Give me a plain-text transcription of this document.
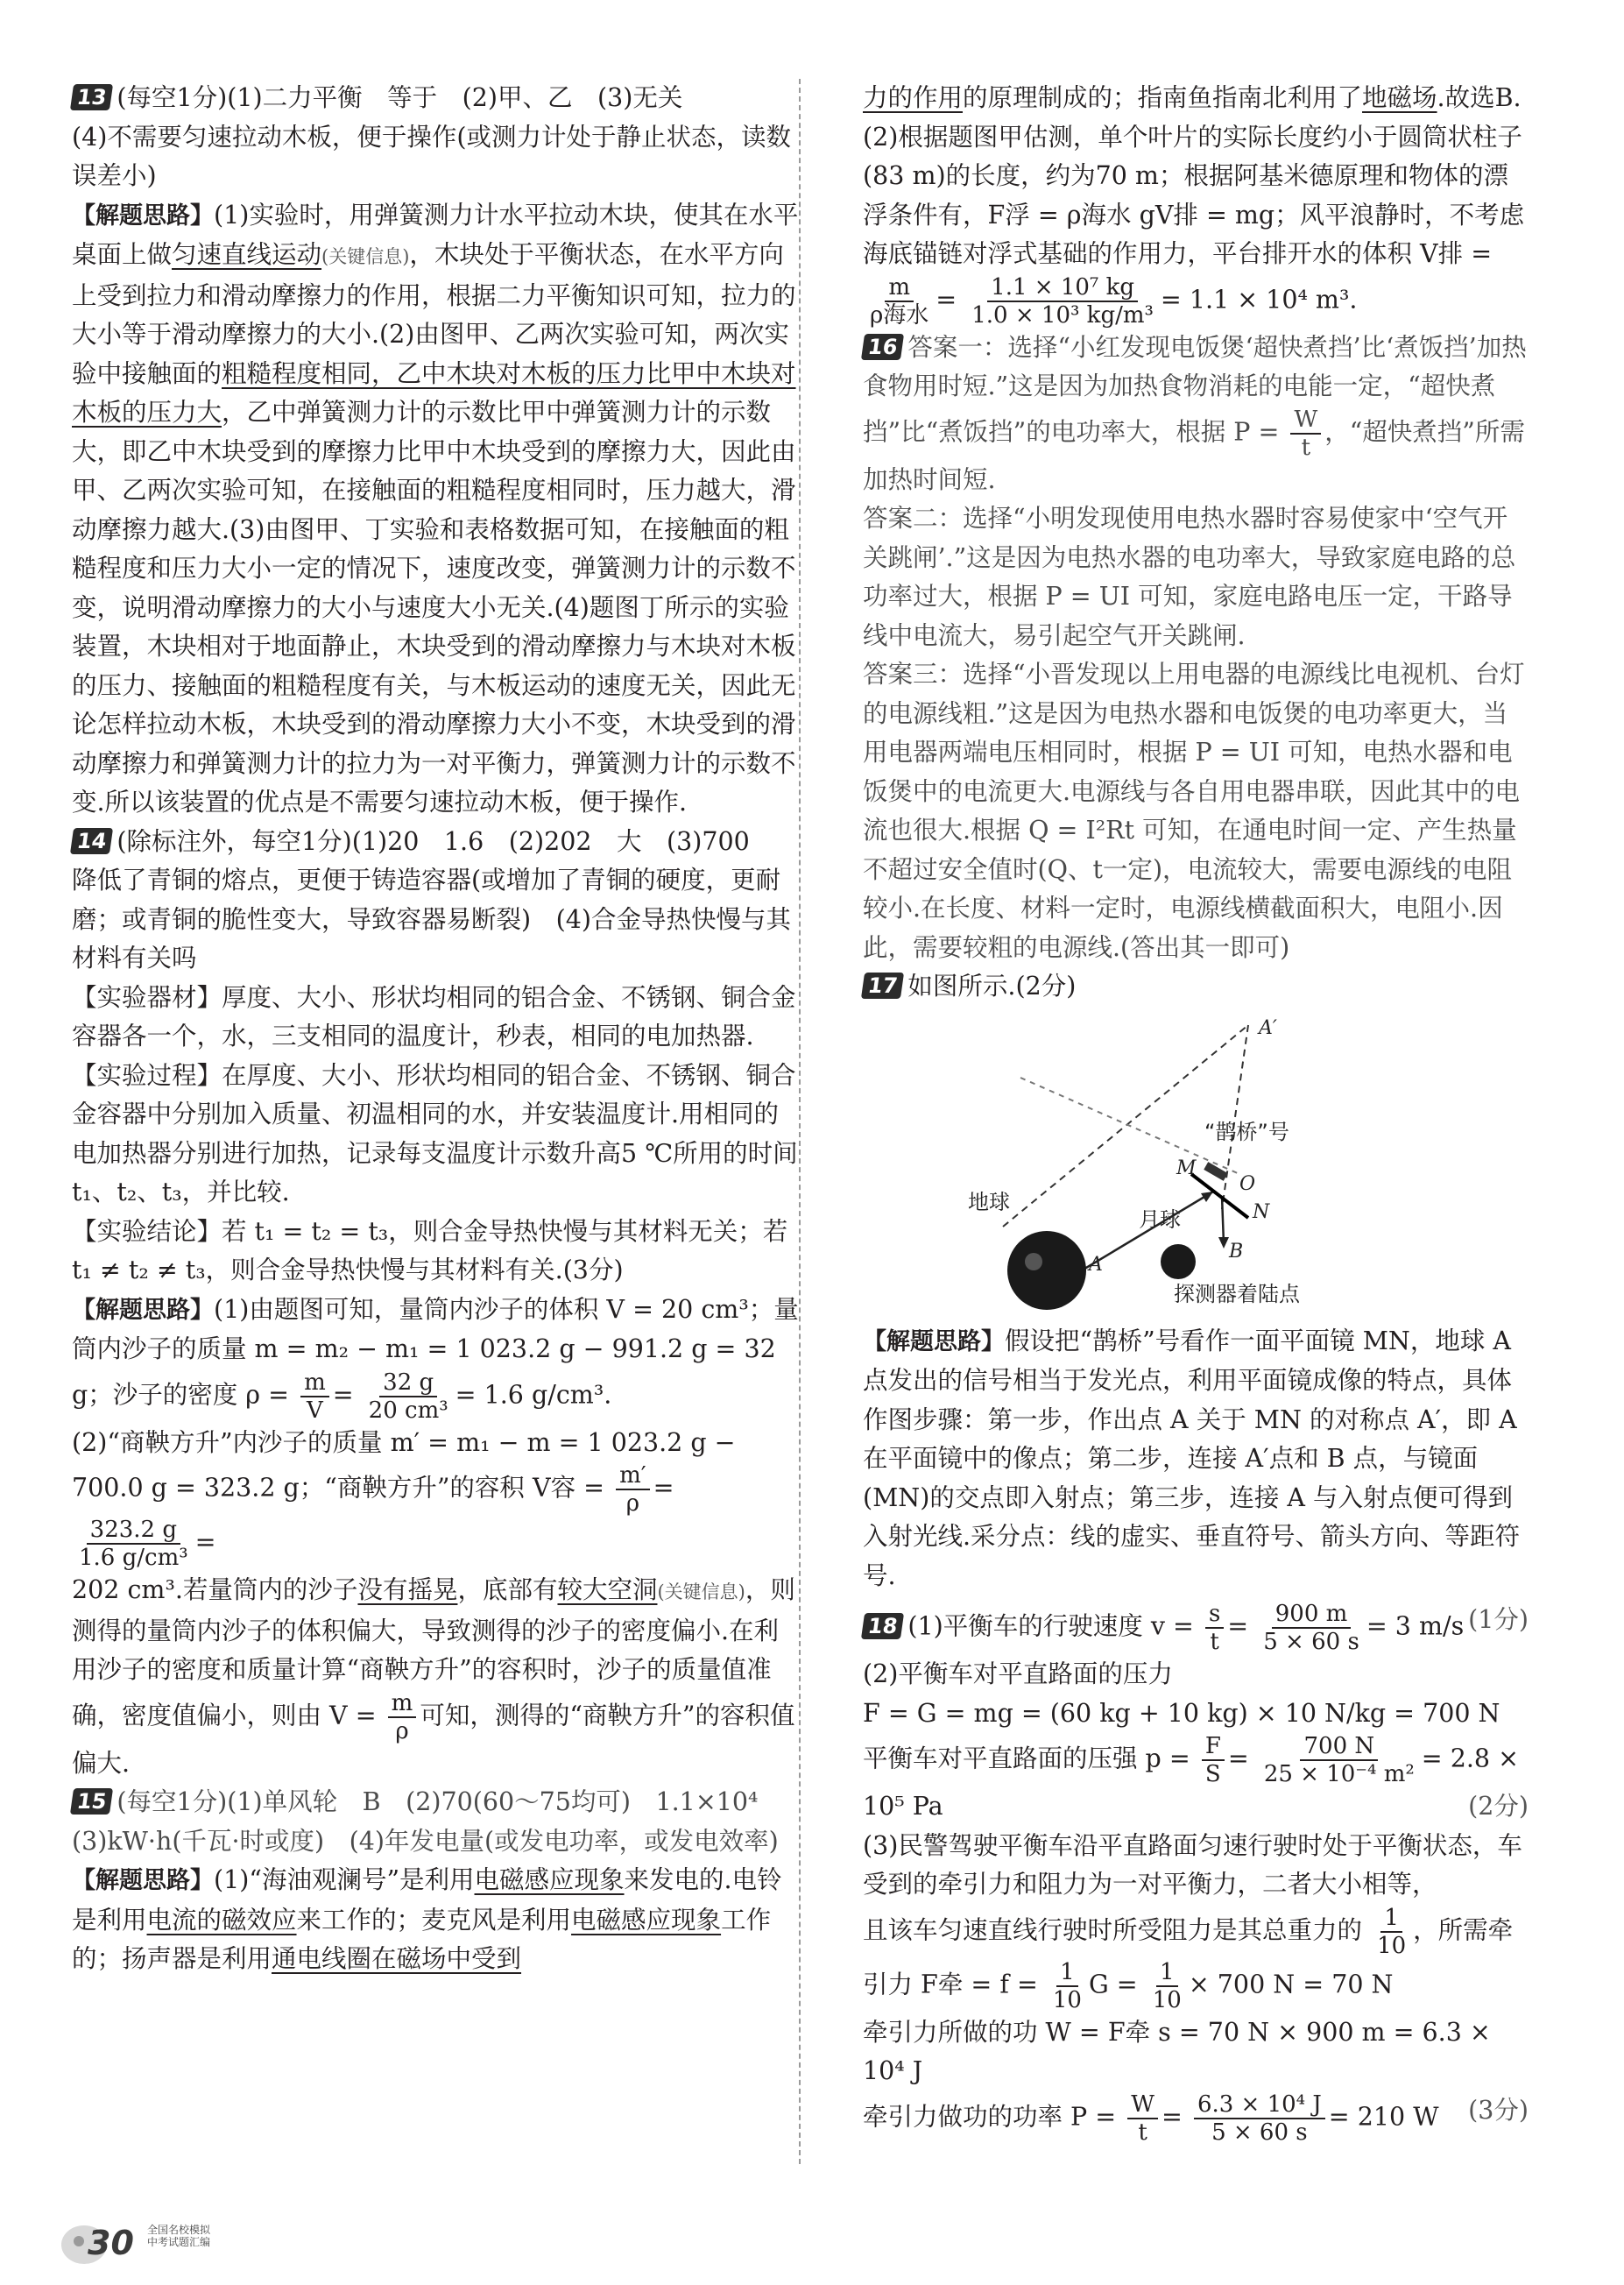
13 (每空1分)(1)二力平衡　等于　(2)甲、乙　(3)无关

(4)不需要匀速拉动木板，便于操作(或测力计处于静止状态，读数误差小)

【解题思路】(1)实验时，用弹簧测力计水平拉动木块，使其在水平桌面上做匀速直线运动(关键信息)，木块处于平衡状态，在水平方向上受到拉力和滑动摩擦力的作用，根据二力平衡知识可知，拉力的大小等于滑动摩擦力的大小.(2)由图甲、乙两次实验可知，两次实验中接触面的粗糙程度相同，乙中木块对木板的压力比甲中木块对木板的压力大，乙中弹簧测力计的示数比甲中弹簧测力计的示数大，即乙中木块受到的摩擦力比甲中木块受到的摩擦力大，因此由甲、乙两次实验可知，在接触面的粗糙程度相同时，压力越大，滑动摩擦力越大.(3)由图甲、丁实验和表格数据可知，在接触面的粗糙程度和压力大小一定的情况下，速度改变，弹簧测力计的示数不变，说明滑动摩擦力的大小与速度大小无关.(4)题图丁所示的实验装置，木块相对于地面静止，木块受到的滑动摩擦力与木块对木板的压力、接触面的粗糙程度有关，与木板运动的速度无关，因此无论怎样拉动木板，木块受到的滑动摩擦力大小不变，木块受到的滑动摩擦力和弹簧测力计的拉力为一对平衡力，弹簧测力计的示数不变.所以该装置的优点是不需要匀速拉动木板，便于操作.

14 (除标注外，每空1分)(1)20　1.6　(2)202　大　(3)700　降低了青铜的熔点，更便于铸造容器(或增加了青铜的硬度，更耐磨；或青铜的脆性变大，导致容器易断裂)　(4)合金导热快慢与其材料有关吗

【实验器材】厚度、大小、形状均相同的铝合金、不锈钢、铜合金容器各一个，水，三支相同的温度计，秒表，相同的电加热器.

【实验过程】在厚度、大小、形状均相同的铝合金、不锈钢、铜合金容器中分别加入质量、初温相同的水，并安装温度计.用相同的电加热器分别进行加热，记录每支温度计示数升高5 ℃所用的时间 t₁、t₂、t₃，并比较.

【实验结论】若 t₁ = t₂ = t₃，则合金导热快慢与其材料无关；若 t₁ ≠ t₂ ≠ t₃，则合金导热快慢与其材料有关.(3分)

【解题思路】(1)由题图可知，量筒内沙子的体积 V = 20 cm³；量筒内沙子的质量 m = m₂ − m₁ = 1 023.2 g − 991.2 g = 32 g；沙子的密度 $\rho = \frac{m}{V} = \frac{32 g}{\text{20 cm³}} = 1.6$ g/cm³.

(2)“商鞅方升”内沙子的质量 m′ = m₁ − m = 1 023.2 g − 700.0 g = 323.2 g；“商鞅方升”的容积 V容 = $\frac{m'}{\rho}$ =
$\frac{323.2 g}{\text{1.6 g/cm³}}$ =

202 cm³.若量筒内的沙子没有摇晃，底部有较大空洞(关键信息)，则测得的量筒内沙子的体积偏大，导致测得的沙子的密度偏小.在利用沙子的密度和质量计算“商鞅方升”的容积时，沙子的质量值准确，密度值偏小，则由 $V = \frac{m}{\rho}$ 可知，测得的“商鞅方升”的容积值偏大.

15 (每空1分)(1)单风轮　B　(2)70(60～75均可)　1.1×10⁴　(3)kW·h(千瓦·时或度)　(4)年发电量(或发电功率，或发电效率)

【解题思路】(1)“海油观澜号”是利用电磁感应现象来发电的.电铃是利用电流的磁效应来工作的；麦克风是利用电磁感应现象工作的；扬声器是利用通电线圈在磁场中受到

力的作用的原理制成的；指南鱼指南北利用了地磁场.故选B.(2)根据题图甲估测，单个叶片的实际长度约小于圆筒状柱子(83 m)的长度，约为70 m；根据阿基米德原理和物体的漂浮条件有，F浮 = ρ海水 gV排 = mg；风平浪静时，不考虑海底锚链对浮式基础的作用力，平台排开水的体积 V排 =
$\frac{m}{\text{ρ海水}} = \frac{\text{1.1 × 10⁷ kg}}{\text{1.0 × 10³ kg/m³}} = 1.1 \times 10^4$ m³.

16 答案一：选择“小红发现电饭煲‘超快煮挡’比‘煮饭挡’加热食物用时短.”这是因为加热食物消耗的电能一定，“超快煮挡”比“煮饭挡”的电功率大，根据 $P = \frac{W}{t}$ ，“超快煮挡”所需加热时间短.

答案二：选择“小明发现使用电热水器时容易使家中‘空气开关跳闸’.”这是因为电热水器的电功率大，导致家庭电路的总功率过大，根据 P = UI 可知，家庭电路电压一定，干路导线中电流大，易引起空气开关跳闸.

答案三：选择“小晋发现以上用电器的电源线比电视机、台灯的电源线粗.”这是因为电热水器和电饭煲的电功率更大，当用电器两端电压相同时，根据 P = UI 可知，电热水器和电饭煲中的电流更大.电源线与各自用电器串联，因此其中的电流也很大.根据 Q = I²Rt 可知，在通电时间一定、产生热量不超过安全值时(Q、t一定)，电流较大，需要电源线的电阻较小.在长度、材料一定时，电源线横截面积大，电阻小.因此，需要较粗的电源线.(答出其一即可)

17 如图所示.(2分)

【解题思路】假设把“鹊桥”号看作一面平面镜 MN，地球 A 点发出的信号相当于发光点，利用平面镜成像的特点，具体作图步骤：第一步，作出点 A 关于 MN 的对称点 A′，即 A 在平面镜中的像点；第二步，连接 A′点和 B 点，与镜面(MN)的交点即入射点；第三步，连接 A 与入射点便可得到入射光线.采分点：线的虚实、垂直符号、箭头方向、等距符号.

18 (1)平衡车的行驶速度 $v = \frac{s}{t} = \frac{900 m}{5 \times 60 s} = 3$ m/s (1分)

(2)平衡车对平直路面的压力

F = G = mg = (60 kg + 10 kg) × 10 N/kg = 700 N

平衡车对平直路面的压强 $p = \frac{F}{S} = \frac{700 N}{\text{25 × 10⁻⁴ m²}} = 2.8$ ×

10⁵ Pa	(2分)

(3)民警驾驶平衡车沿平直路面匀速行驶时处于平衡状态，车受到的牵引力和阻力为一对平衡力，二者大小相等，

且该车匀速直线行驶时所受阻力是其总重力的 $\frac{1}{10}$ ，所需牵

引力 F牵 = $f = \frac{1}{10}$ $G = \frac{1}{10} \times 700$ N = 70 N

牵引力所做的功 W = F牵 s = 70 N × 900 m = 6.3 × 10⁴ J

牵引力做功的功率 $P = \frac{W}{t} = \frac{\text{6.3 × 10⁴ J}}{5 \times 60 s} = 210$ W (3分)

地球
月球
“鹊桥”号
探测器着陆点
A
A′
B
M
N
O
30 全国名校模拟
中考试题汇编
